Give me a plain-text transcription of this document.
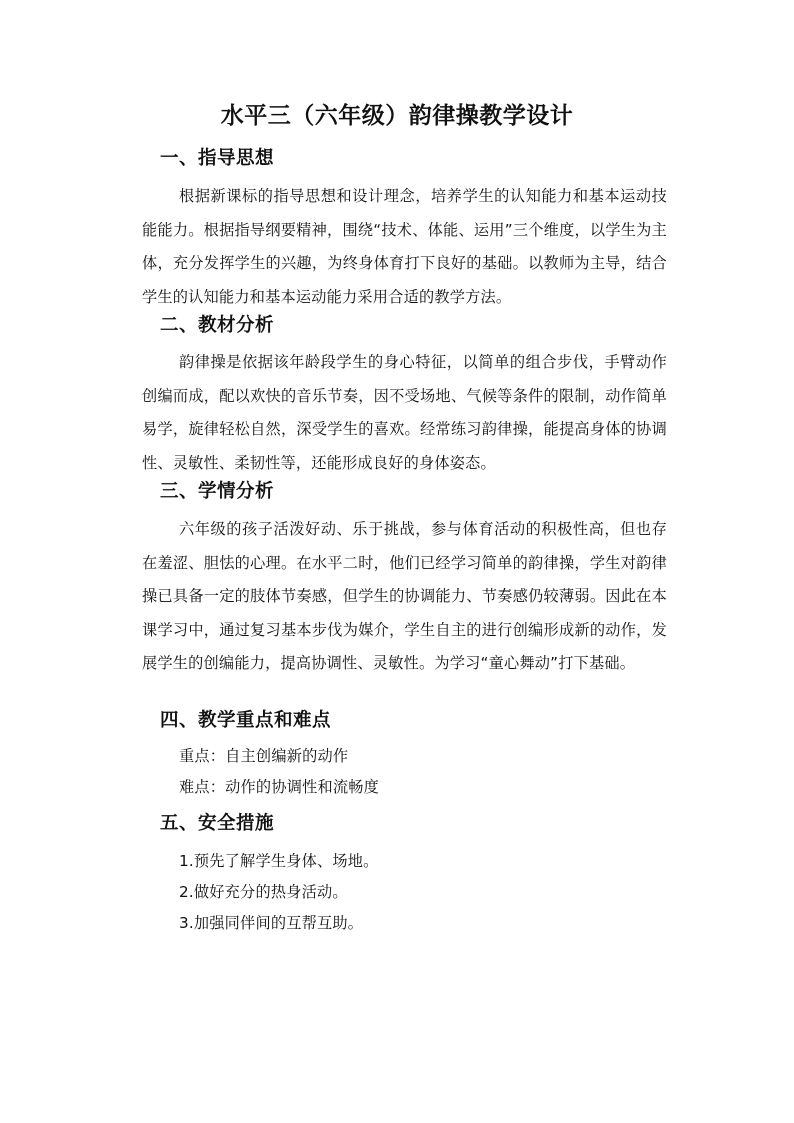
水平三（六年级）韵律操教学设计
一、指导思想
根据新课标的指导思想和设计理念，培养学生的认知能力和基本运动技能能力。根据指导纲要精神，围绕“技术、体能、运用”三个维度，以学生为主体，充分发挥学生的兴趣，为终身体育打下良好的基础。以教师为主导，结合学生的认知能力和基本运动能力采用合适的教学方法。
二、教材分析
韵律操是依据该年龄段学生的身心特征，以简单的组合步伐，手臂动作创编而成，配以欢快的音乐节奏，因不受场地、气候等条件的限制，动作简单易学，旋律轻松自然，深受学生的喜欢。经常练习韵律操，能提高身体的协调性、灵敏性、柔韧性等，还能形成良好的身体姿态。
三、学情分析
六年级的孩子活泼好动、乐于挑战，参与体育活动的积极性高，但也存在羞涩、胆怯的心理。在水平二时，他们已经学习简单的韵律操，学生对韵律操已具备一定的肢体节奏感，但学生的协调能力、节奏感仍较薄弱。因此在本课学习中，通过复习基本步伐为媒介，学生自主的进行创编形成新的动作，发展学生的创编能力，提高协调性、灵敏性。为学习“童心舞动”打下基础。
四、教学重点和难点
重点：自主创编新的动作
难点：动作的协调性和流畅度
五、安全措施
1.预先了解学生身体、场地。
2.做好充分的热身活动。
3.加强同伴间的互帮互助。
